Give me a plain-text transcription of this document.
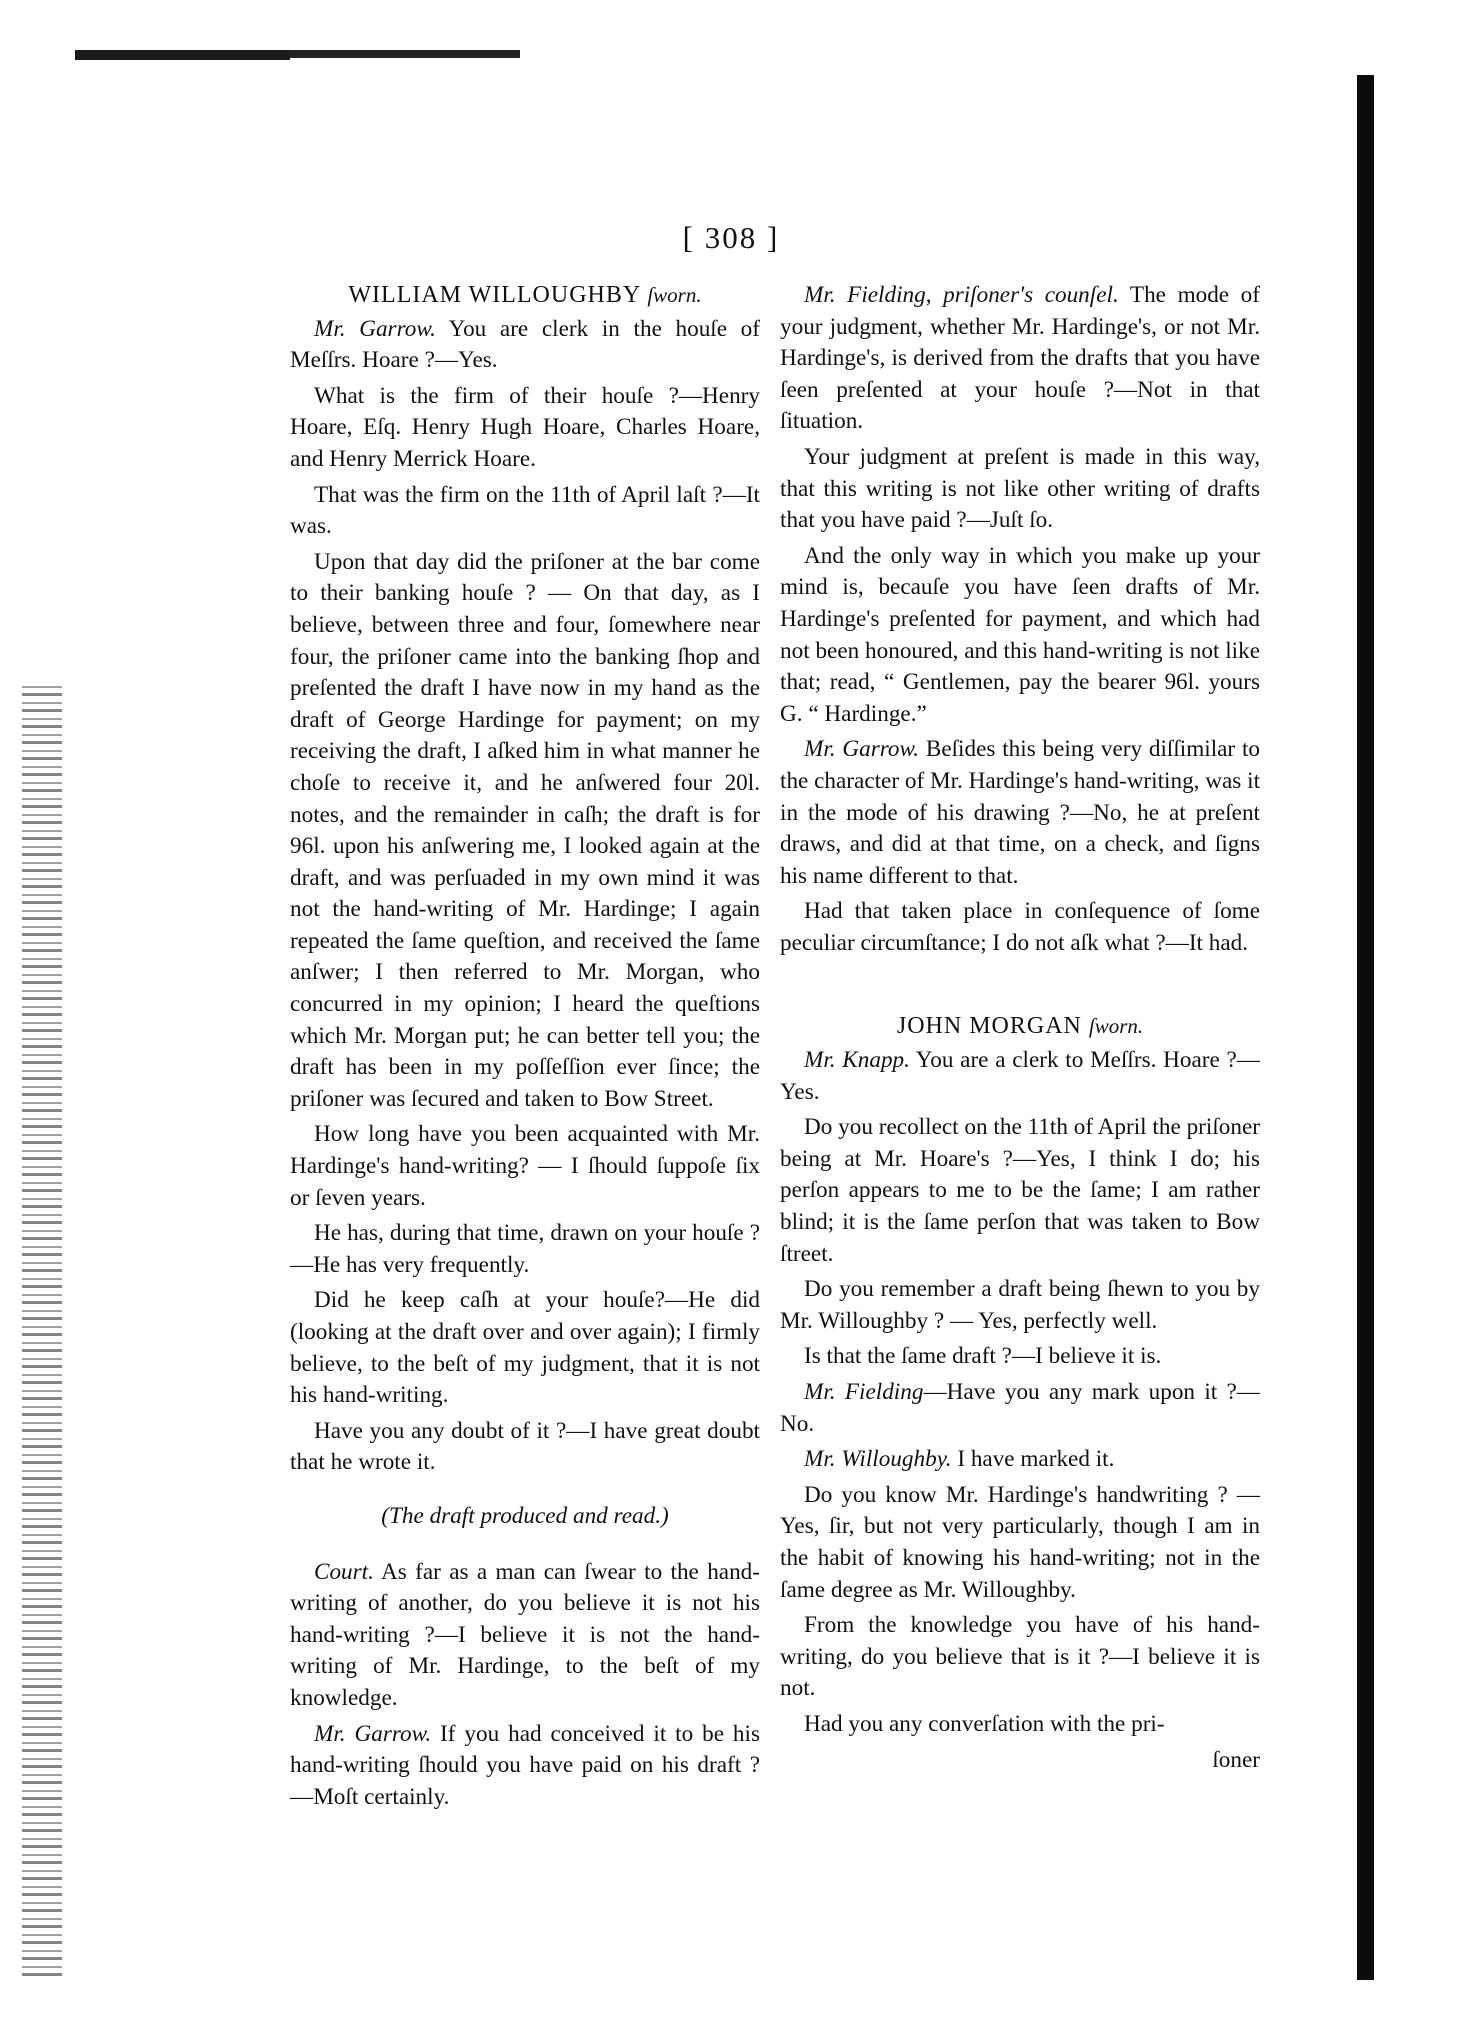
[ 308 ]
WILLIAM WILLOUGHBY ſworn.

Mr. Garrow. You are clerk in the houſe of Meſſrs. Hoare ?—Yes.

What is the firm of their houſe ?—Henry Hoare, Eſq. Henry Hugh Hoare, Charles Hoare, and Henry Merrick Hoare.

That was the firm on the 11th of April laſt ?—It was.

Upon that day did the priſoner at the bar come to their banking houſe ? — On that day, as I believe, between three and four, ſomewhere near four, the priſoner came into the banking ſhop and preſented the draft I have now in my hand as the draft of George Hardinge for payment; on my receiving the draft, I aſked him in what manner he choſe to receive it, and he anſwered four 20l. notes, and the remainder in caſh; the draft is for 96l. upon his anſwering me, I looked again at the draft, and was perſuaded in my own mind it was not the hand-writing of Mr. Hardinge; I again repeated the ſame queſtion, and received the ſame anſwer; I then referred to Mr. Morgan, who concurred in my opinion; I heard the queſtions which Mr. Morgan put; he can better tell you; the draft has been in my poſſeſſion ever ſince; the priſoner was ſecured and taken to Bow Street.

How long have you been acquainted with Mr. Hardinge's hand-writing? — I ſhould ſuppoſe ſix or ſeven years.

He has, during that time, drawn on your houſe ?—He has very frequently.

Did he keep caſh at your houſe?—He did (looking at the draft over and over again); I firmly believe, to the beſt of my judgment, that it is not his hand-writing.

Have you any doubt of it ?—I have great doubt that he wrote it.

(The draft produced and read.)

Court. As far as a man can ſwear to the hand-writing of another, do you believe it is not his hand-writing ?—I believe it is not the hand-writing of Mr. Hardinge, to the beſt of my knowledge.

Mr. Garrow. If you had conceived it to be his hand-writing ſhould you have paid on his draft ?—Moſt certainly.

Mr. Fielding, priſoner's counſel. The mode of your judgment, whether Mr. Hardinge's, or not Mr. Hardinge's, is derived from the drafts that you have ſeen preſented at your houſe ?—Not in that ſituation.

Your judgment at preſent is made in this way, that this writing is not like other writing of drafts that you have paid ?—Juſt ſo.

And the only way in which you make up your mind is, becauſe you have ſeen drafts of Mr. Hardinge's preſented for payment, and which had not been honoured, and this hand-writing is not like that; read, “ Gentlemen, pay the bearer 96l. yours G. “ Hardinge.”

Mr. Garrow. Beſides this being very diſſimilar to the character of Mr. Hardinge's hand-writing, was it in the mode of his drawing ?—No, he at preſent draws, and did at that time, on a check, and ſigns his name different to that.

Had that taken place in conſequence of ſome peculiar circumſtance; I do not aſk what ?—It had.

JOHN MORGAN ſworn.

Mr. Knapp. You are a clerk to Meſſrs. Hoare ?—Yes.

Do you recollect on the 11th of April the priſoner being at Mr. Hoare's ?—Yes, I think I do; his perſon appears to me to be the ſame; I am rather blind; it is the ſame perſon that was taken to Bow ſtreet.

Do you remember a draft being ſhewn to you by Mr. Willoughby ? — Yes, perfectly well.

Is that the ſame draft ?—I believe it is.

Mr. Fielding—Have you any mark upon it ?—No.

Mr. Willoughby. I have marked it.

Do you know Mr. Hardinge's handwriting ? — Yes, ſir, but not very particularly, though I am in the habit of knowing his hand-writing; not in the ſame degree as Mr. Willoughby.

From the knowledge you have of his hand-writing, do you believe that is it ?—I believe it is not.

Had you any converſation with the pri-

ſoner
